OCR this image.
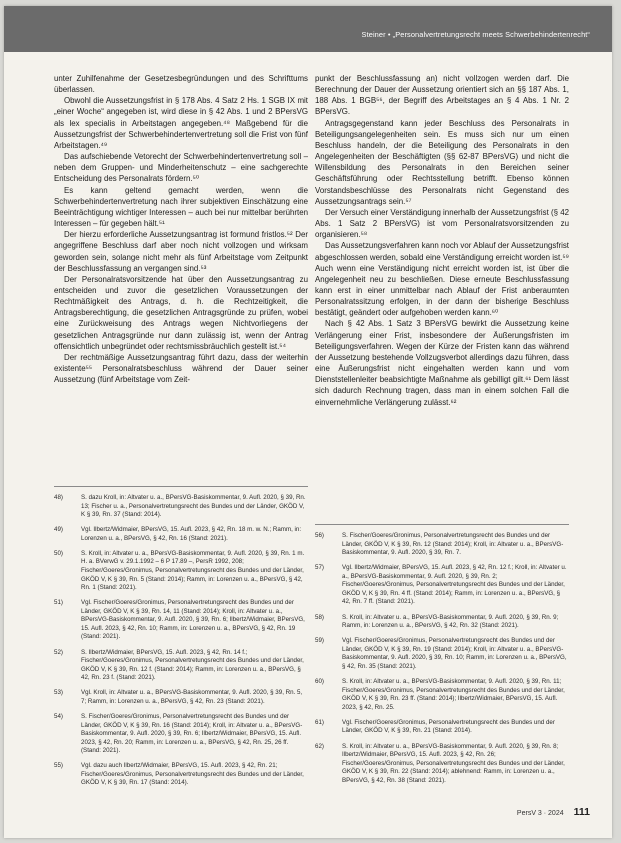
Steiner • „Personalvertretungsrecht meets Schwerbehindertenrecht“

unter Zuhilfenahme der Gesetzesbegründungen und des Schrifttums überlassen.

Obwohl die Aussetzungsfrist in § 178 Abs. 4 Satz 2 Hs. 1 SGB IX mit „einer Woche“ angegeben ist, wird diese in § 42 Abs. 1 und 2 BPersVG als lex specialis in Arbeitstagen angegeben.⁴⁸ Maßgebend für die Aussetzungsfrist der Schwerbehindertenvertretung soll die Frist von fünf Arbeitstagen.⁴⁹

Das aufschiebende Vetorecht der Schwerbehindertenvertretung soll – neben dem Gruppen- und Minderheitenschutz – eine sachgerechte Entscheidung des Personalrats fördern.⁵⁰

Es kann geltend gemacht werden, wenn die Schwerbehindertenvertretung nach ihrer subjektiven Einschätzung eine Beeinträchtigung wichtiger Interessen – auch bei nur mittelbar berührten Interessen – für gegeben hält.⁵¹

Der hierzu erforderliche Aussetzungsantrag ist formund fristlos.⁵² Der angegriffene Beschluss darf aber noch nicht vollzogen und wirksam geworden sein, solange nicht mehr als fünf Arbeitstage vom Zeitpunkt der Beschlussfassung an vergangen sind.⁵³

Der Personalratsvorsitzende hat über den Aussetzungsantrag zu entscheiden und zuvor die gesetzlichen Voraussetzungen der Rechtmäßigkeit des Antrags, d. h. die Rechtzeitigkeit, die Antragsberechtigung, die gesetzlichen Antragsgründe zu prüfen, wobei eine Zurückweisung des Antrags wegen Nichtvorliegens der gesetzlichen Antragsgründe nur dann zulässig ist, wenn der Antrag offensichtlich unbegründet oder rechtsmissbräuchlich gestellt ist.⁵⁴

Der rechtmäßige Aussetzungsantrag führt dazu, dass der weiterhin existente⁵⁵ Personalratsbeschluss während der Dauer seiner Aussetzung (fünf Arbeitstage vom Zeit-

punkt der Beschlussfassung an) nicht vollzogen werden darf. Die Berechnung der Dauer der Aussetzung orientiert sich an §§ 187 Abs. 1, 188 Abs. 1 BGB⁵⁶, der Begriff des Arbeitstages an § 4 Abs. 1 Nr. 2 BPersVG.

Antragsgegenstand kann jeder Beschluss des Personalrats in Beteiligungsangelegenheiten sein. Es muss sich nur um einen Beschluss handeln, der die Beteiligung des Personalrats in den Angelegenheiten der Beschäftigten (§§ 62-87 BPersVG) und nicht die Willensbildung des Personalrats in den Bereichen seiner Geschäftsführung oder Rechtsstellung betrifft. Ebenso können Vorstandsbeschlüsse des Personalrats nicht Gegenstand des Aussetzungsantrags sein.⁵⁷

Der Versuch einer Verständigung innerhalb der Aussetzungsfrist (§ 42 Abs. 1 Satz 2 BPersVG) ist vom Personalratsvorsitzenden zu organisieren.⁵⁸

Das Aussetzungsverfahren kann noch vor Ablauf der Aussetzungsfrist abgeschlossen werden, sobald eine Verständigung erreicht worden ist.⁵⁹ Auch wenn eine Verständigung nicht erreicht worden ist, ist über die Angelegenheit neu zu beschließen. Diese erneute Beschlussfassung kann erst in einer unmittelbar nach Ablauf der Frist anberaumten Personalratssitzung erfolgen, in der dann der bisherige Beschluss bestätigt, geändert oder aufgehoben werden kann.⁶⁰

Nach § 42 Abs. 1 Satz 3 BPersVG bewirkt die Aussetzung keine Verlängerung einer Frist, insbesondere der Äußerungsfristen im Beteiligungsverfahren. Wegen der Kürze der Fristen kann das während der Aussetzung bestehende Vollzugsverbot allerdings dazu führen, dass eine Äußerungsfrist nicht eingehalten werden kann und vom Dienststellenleiter beabsichtigte Maßnahme als gebilligt gilt.⁶¹ Dem lässt sich dadurch Rechnung tragen, dass man in einem solchen Fall die einvernehmliche Verlängerung zulässt.⁶²

48)	S. dazu Kroll, in: Altvater u. a., BPersVG-Basiskommentar, 9. Aufl. 2020, § 39, Rn. 13; Fischer u. a., Personalvertretungsrecht des Bundes und der Länder, GKÖD V, K § 39, Rn. 37 (Stand: 2014).
49)	Vgl. Ilbertz/Widmaier, BPersVG, 15. Aufl. 2023, § 42, Rn. 18 m. w. N.; Ramm, in: Lorenzen u. a., BPersVG, § 42, Rn. 16 (Stand: 2021).
50)	S. Kroll, in: Altvater u. a., BPersVG-Basiskommentar, 9. Aufl. 2020, § 39, Rn. 1 m. H. a. BVerwG v. 29.1.1992 – 6 P 17.89 –, PersR 1992, 208; Fischer/Goeres/Gronimus, Personalvertretungsrecht des Bundes und der Länder, GKÖD V, K § 39, Rn. 5 (Stand: 2014); Ramm, in: Lorenzen u. a., BPersVG, § 42, Rn. 1 (Stand: 2021).
51)	Vgl. Fischer/Goeres/Gronimus, Personalvertretungsrecht des Bundes und der Länder, GKÖD V, K § 39, Rn. 14, 11 (Stand: 2014); Kroll, in: Altvater u. a., BPersVG-Basiskommentar, 9. Aufl. 2020, § 39, Rn. 6; Ilbertz/Widmaier, BPersVG, 15. Aufl. 2023, § 42, Rn. 10; Ramm, in: Lorenzen u. a., BPersVG, § 42, Rn. 19 (Stand: 2021).
52)	S. Ilbertz/Widmaier, BPersVG, 15. Aufl. 2023, § 42, Rn. 14 f.; Fischer/Goeres/Gronimus, Personalvertretungsrecht des Bundes und der Länder, GKÖD V, K § 39, Rn. 12 f. (Stand: 2014); Ramm, in: Lorenzen u. a., BPersVG, § 42, Rn. 23 f. (Stand: 2021).
53)	Vgl. Kroll, in: Altvater u. a., BPersVG-Basiskommentar, 9. Aufl. 2020, § 39, Rn. 5, 7; Ramm, in: Lorenzen u. a., BPersVG, § 42, Rn. 23 (Stand: 2021).
54)	S. Fischer/Goeres/Gronimus, Personalvertretungsrecht des Bundes und der Länder, GKÖD V, K § 39, Rn. 16 (Stand: 2014); Kroll, in: Altvater u. a., BPersVG-Basiskommentar, 9. Aufl. 2020, § 39, Rn. 6; Ilbertz/Widmaier, BPersVG, 15. Aufl. 2023, § 42, Rn. 20; Ramm, in: Lorenzen u. a., BPersVG, § 42, Rn. 25, 26 ff. (Stand: 2021).
55)	Vgl. dazu auch Ilbertz/Widmaier, BPersVG, 15. Aufl. 2023, § 42, Rn. 21; Fischer/Goeres/Gronimus, Personalvertretungsrecht des Bundes und der Länder, GKÖD V, K § 39, Rn. 17 (Stand: 2014).
56)	S. Fischer/Goeres/Gronimus, Personalvertretungsrecht des Bundes und der Länder, GKÖD V, K § 39, Rn. 12 (Stand: 2014); Kroll, in: Altvater u. a., BPersVG-Basiskommentar, 9. Aufl. 2020, § 39, Rn. 7.
57)	Vgl. Ilbertz/Widmaier, BPersVG, 15. Aufl. 2023, § 42, Rn. 12 f.; Kroll, in: Altvater u. a., BPersVG-Basiskommentar, 9. Aufl. 2020, § 39, Rn. 2; Fischer/Goeres/Gronimus, Personalvertretungsrecht des Bundes und der Länder, GKÖD V, K § 39, Rn. 4 ff. (Stand: 2014); Ramm, in: Lorenzen u. a., BPersVG, § 42, Rn. 7 ff. (Stand: 2021).
58)	S. Kroll, in: Altvater u. a., BPersVG-Basiskommentar, 9. Aufl. 2020, § 39, Rn. 9; Ramm, in: Lorenzen u. a., BPersVG, § 42, Rn. 32 (Stand: 2021).
59)	Vgl. Fischer/Goeres/Gronimus, Personalvertretungsrecht des Bundes und der Länder, GKÖD V, K § 39, Rn. 19 (Stand: 2014); Kroll, in: Altvater u. a., BPersVG-Basiskommentar, 9. Aufl. 2020, § 39, Rn. 10; Ramm, in: Lorenzen u. a., BPersVG, § 42, Rn. 35 (Stand: 2021).
60)	S. Kroll, in: Altvater u. a., BPersVG-Basiskommentar, 9. Aufl. 2020, § 39, Rn. 11; Fischer/Goeres/Gronimus, Personalvertretungsrecht des Bundes und der Länder, GKÖD V, K § 39, Rn. 23 ff. (Stand: 2014); Ilbertz/Widmaier, BPersVG, 15. Aufl. 2023, § 42, Rn. 25.
61)	Vgl. Fischer/Goeres/Gronimus, Personalvertretungsrecht des Bundes und der Länder, GKÖD V, K § 39, Rn. 21 (Stand: 2014).
62)	S. Kroll, in: Altvater u. a., BPersVG-Basiskommentar, 9. Aufl. 2020, § 39, Rn. 8; Ilbertz/Widmaier, BPersVG, 15. Aufl. 2023, § 42, Rn. 26; Fischer/Goeres/Gronimus, Personalvertretungsrecht des Bundes und der Länder, GKÖD V, K § 39, Rn. 22 (Stand: 2014); ablehnend: Ramm, in: Lorenzen u. a., BPersVG, § 42, Rn. 38 (Stand: 2021).
PersV 3 · 2024 111
